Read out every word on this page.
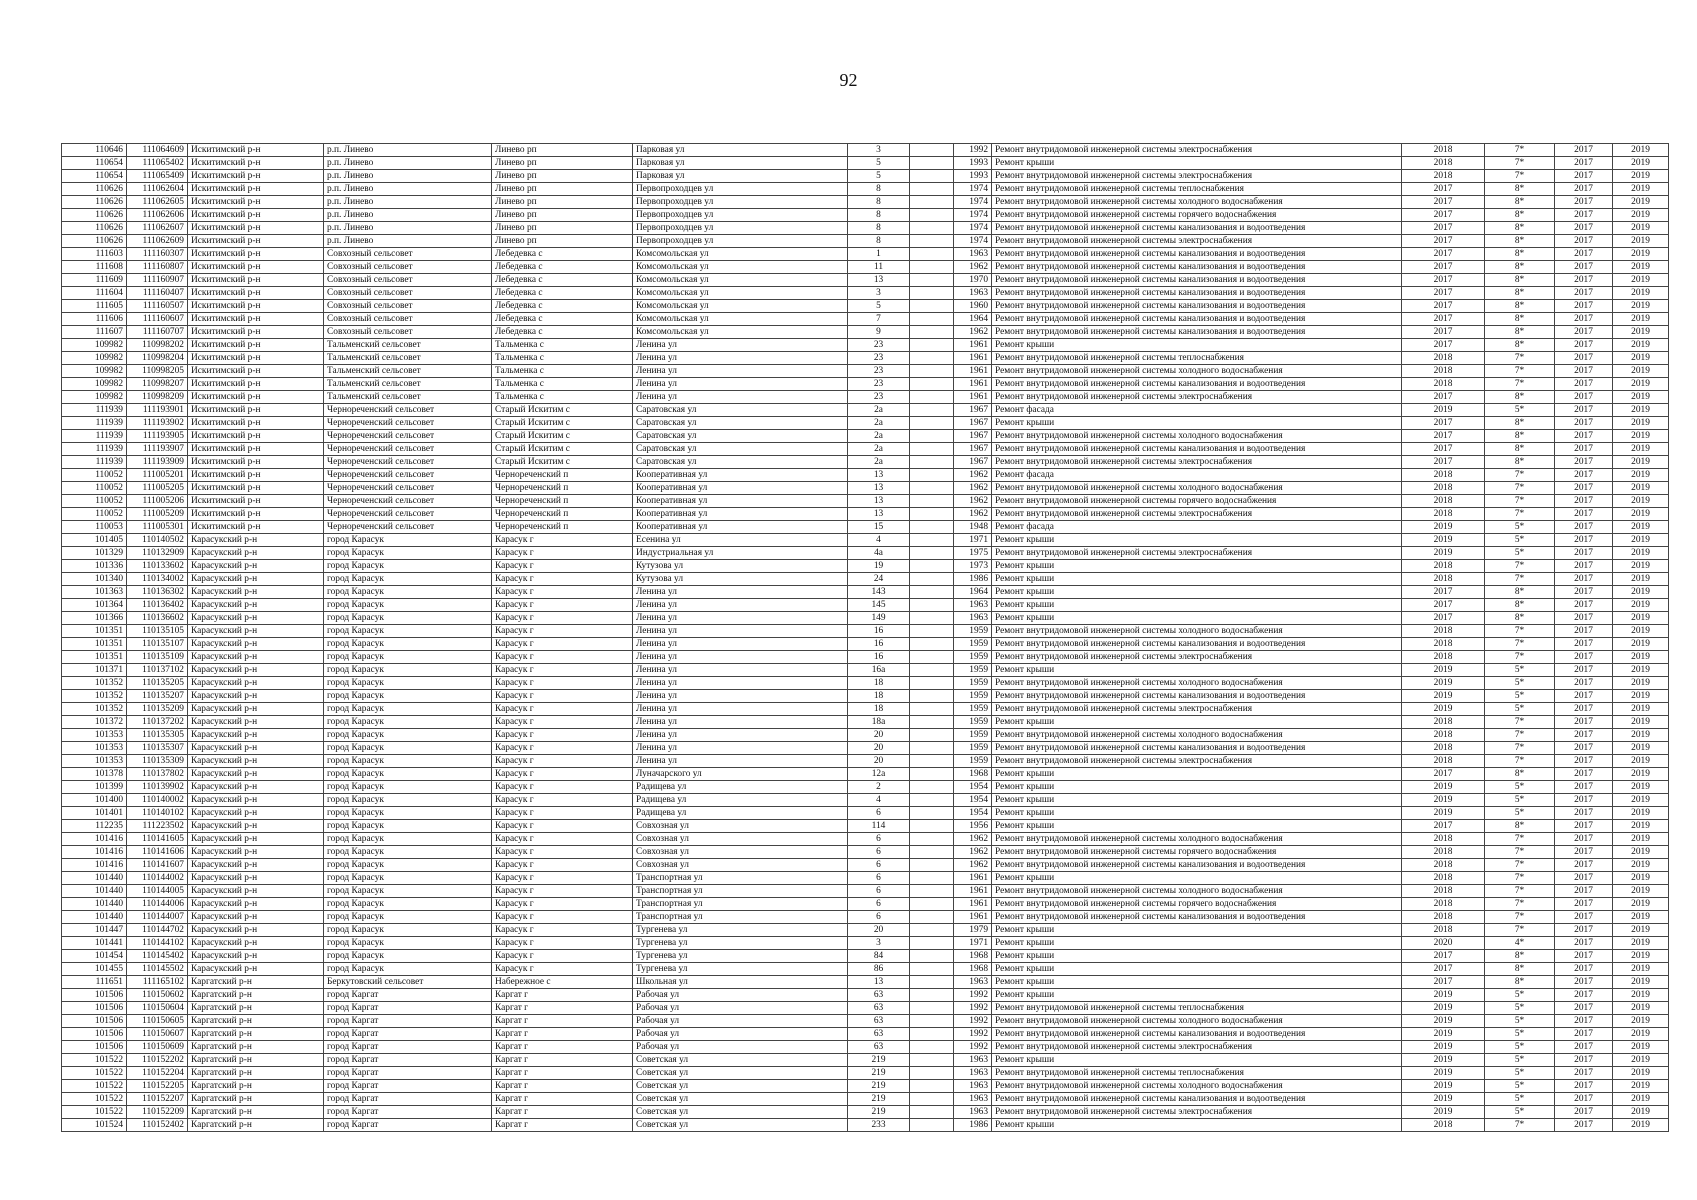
92
110646	111064609	Искитимский р-н	р.п. Линево	Линево рп	Парковая ул	3		1992	Ремонт внутридомовой инженерной системы электроснабжения	2018	7*	2017	2019
110654	111065402	Искитимский р-н	р.п. Линево	Линево рп	Парковая ул	5		1993	Ремонт крыши	2018	7*	2017	2019
110654	111065409	Искитимский р-н	р.п. Линево	Линево рп	Парковая ул	5		1993	Ремонт внутридомовой инженерной системы электроснабжения	2018	7*	2017	2019
110626	111062604	Искитимский р-н	р.п. Линево	Линево рп	Первопроходцев ул	8		1974	Ремонт внутридомовой инженерной системы теплоснабжения	2017	8*	2017	2019
110626	111062605	Искитимский р-н	р.п. Линево	Линево рп	Первопроходцев ул	8		1974	Ремонт внутридомовой инженерной системы холодного водоснабжения	2017	8*	2017	2019
110626	111062606	Искитимский р-н	р.п. Линево	Линево рп	Первопроходцев ул	8		1974	Ремонт внутридомовой инженерной системы горячего водоснабжения	2017	8*	2017	2019
110626	111062607	Искитимский р-н	р.п. Линево	Линево рп	Первопроходцев ул	8		1974	Ремонт внутридомовой инженерной системы канализования и водоотведения	2017	8*	2017	2019
110626	111062609	Искитимский р-н	р.п. Линево	Линево рп	Первопроходцев ул	8		1974	Ремонт внутридомовой инженерной системы электроснабжения	2017	8*	2017	2019
111603	111160307	Искитимский р-н	Совхозный сельсовет	Лебедевка с	Комсомольская ул	1		1963	Ремонт внутридомовой инженерной системы канализования и водоотведения	2017	8*	2017	2019
111608	111160807	Искитимский р-н	Совхозный сельсовет	Лебедевка с	Комсомольская ул	11		1962	Ремонт внутридомовой инженерной системы канализования и водоотведения	2017	8*	2017	2019
111609	111160907	Искитимский р-н	Совхозный сельсовет	Лебедевка с	Комсомольская ул	13		1970	Ремонт внутридомовой инженерной системы канализования и водоотведения	2017	8*	2017	2019
111604	111160407	Искитимский р-н	Совхозный сельсовет	Лебедевка с	Комсомольская ул	3		1963	Ремонт внутридомовой инженерной системы канализования и водоотведения	2017	8*	2017	2019
111605	111160507	Искитимский р-н	Совхозный сельсовет	Лебедевка с	Комсомольская ул	5		1960	Ремонт внутридомовой инженерной системы канализования и водоотведения	2017	8*	2017	2019
111606	111160607	Искитимский р-н	Совхозный сельсовет	Лебедевка с	Комсомольская ул	7		1964	Ремонт внутридомовой инженерной системы канализования и водоотведения	2017	8*	2017	2019
111607	111160707	Искитимский р-н	Совхозный сельсовет	Лебедевка с	Комсомольская ул	9		1962	Ремонт внутридомовой инженерной системы канализования и водоотведения	2017	8*	2017	2019
109982	110998202	Искитимский р-н	Тальменский сельсовет	Тальменка с	Ленина ул	23		1961	Ремонт крыши	2017	8*	2017	2019
109982	110998204	Искитимский р-н	Тальменский сельсовет	Тальменка с	Ленина ул	23		1961	Ремонт внутридомовой инженерной системы теплоснабжения	2018	7*	2017	2019
109982	110998205	Искитимский р-н	Тальменский сельсовет	Тальменка с	Ленина ул	23		1961	Ремонт внутридомовой инженерной системы холодного водоснабжения	2018	7*	2017	2019
109982	110998207	Искитимский р-н	Тальменский сельсовет	Тальменка с	Ленина ул	23		1961	Ремонт внутридомовой инженерной системы канализования и водоотведения	2018	7*	2017	2019
109982	110998209	Искитимский р-н	Тальменский сельсовет	Тальменка с	Ленина ул	23		1961	Ремонт внутридомовой инженерной системы электроснабжения	2017	8*	2017	2019
111939	111193901	Искитимский р-н	Чернореченский сельсовет	Старый Искитим с	Саратовская ул	2а		1967	Ремонт фасада	2019	5*	2017	2019
111939	111193902	Искитимский р-н	Чернореченский сельсовет	Старый Искитим с	Саратовская ул	2а		1967	Ремонт крыши	2017	8*	2017	2019
111939	111193905	Искитимский р-н	Чернореченский сельсовет	Старый Искитим с	Саратовская ул	2а		1967	Ремонт внутридомовой инженерной системы холодного водоснабжения	2017	8*	2017	2019
111939	111193907	Искитимский р-н	Чернореченский сельсовет	Старый Искитим с	Саратовская ул	2а		1967	Ремонт внутридомовой инженерной системы канализования и водоотведения	2017	8*	2017	2019
111939	111193909	Искитимский р-н	Чернореченский сельсовет	Старый Искитим с	Саратовская ул	2а		1967	Ремонт внутридомовой инженерной системы электроснабжения	2017	8*	2017	2019
110052	111005201	Искитимский р-н	Чернореченский сельсовет	Чернореченский п	Кооперативная ул	13		1962	Ремонт фасада	2018	7*	2017	2019
110052	111005205	Искитимский р-н	Чернореченский сельсовет	Чернореченский п	Кооперативная ул	13		1962	Ремонт внутридомовой инженерной системы холодного водоснабжения	2018	7*	2017	2019
110052	111005206	Искитимский р-н	Чернореченский сельсовет	Чернореченский п	Кооперативная ул	13		1962	Ремонт внутридомовой инженерной системы горячего водоснабжения	2018	7*	2017	2019
110052	111005209	Искитимский р-н	Чернореченский сельсовет	Чернореченский п	Кооперативная ул	13		1962	Ремонт внутридомовой инженерной системы электроснабжения	2018	7*	2017	2019
110053	111005301	Искитимский р-н	Чернореченский сельсовет	Чернореченский п	Кооперативная ул	15		1948	Ремонт фасада	2019	5*	2017	2019
101405	110140502	Карасукский р-н	город Карасук	Карасук г	Есенина ул	4		1971	Ремонт крыши	2019	5*	2017	2019
101329	110132909	Карасукский р-н	город Карасук	Карасук г	Индустриальная ул	4а		1975	Ремонт внутридомовой инженерной системы электроснабжения	2019	5*	2017	2019
101336	110133602	Карасукский р-н	город Карасук	Карасук г	Кутузова ул	19		1973	Ремонт крыши	2018	7*	2017	2019
101340	110134002	Карасукский р-н	город Карасук	Карасук г	Кутузова ул	24		1986	Ремонт крыши	2018	7*	2017	2019
101363	110136302	Карасукский р-н	город Карасук	Карасук г	Ленина ул	143		1964	Ремонт крыши	2017	8*	2017	2019
101364	110136402	Карасукский р-н	город Карасук	Карасук г	Ленина ул	145		1963	Ремонт крыши	2017	8*	2017	2019
101366	110136602	Карасукский р-н	город Карасук	Карасук г	Ленина ул	149		1963	Ремонт крыши	2017	8*	2017	2019
101351	110135105	Карасукский р-н	город Карасук	Карасук г	Ленина ул	16		1959	Ремонт внутридомовой инженерной системы холодного водоснабжения	2018	7*	2017	2019
101351	110135107	Карасукский р-н	город Карасук	Карасук г	Ленина ул	16		1959	Ремонт внутридомовой инженерной системы канализования и водоотведения	2018	7*	2017	2019
101351	110135109	Карасукский р-н	город Карасук	Карасук г	Ленина ул	16		1959	Ремонт внутридомовой инженерной системы электроснабжения	2018	7*	2017	2019
101371	110137102	Карасукский р-н	город Карасук	Карасук г	Ленина ул	16а		1959	Ремонт крыши	2019	5*	2017	2019
101352	110135205	Карасукский р-н	город Карасук	Карасук г	Ленина ул	18		1959	Ремонт внутридомовой инженерной системы холодного водоснабжения	2019	5*	2017	2019
101352	110135207	Карасукский р-н	город Карасук	Карасук г	Ленина ул	18		1959	Ремонт внутридомовой инженерной системы канализования и водоотведения	2019	5*	2017	2019
101352	110135209	Карасукский р-н	город Карасук	Карасук г	Ленина ул	18		1959	Ремонт внутридомовой инженерной системы электроснабжения	2019	5*	2017	2019
101372	110137202	Карасукский р-н	город Карасук	Карасук г	Ленина ул	18а		1959	Ремонт крыши	2018	7*	2017	2019
101353	110135305	Карасукский р-н	город Карасук	Карасук г	Ленина ул	20		1959	Ремонт внутридомовой инженерной системы холодного водоснабжения	2018	7*	2017	2019
101353	110135307	Карасукский р-н	город Карасук	Карасук г	Ленина ул	20		1959	Ремонт внутридомовой инженерной системы канализования и водоотведения	2018	7*	2017	2019
101353	110135309	Карасукский р-н	город Карасук	Карасук г	Ленина ул	20		1959	Ремонт внутридомовой инженерной системы электроснабжения	2018	7*	2017	2019
101378	110137802	Карасукский р-н	город Карасук	Карасук г	Луначарского ул	12а		1968	Ремонт крыши	2017	8*	2017	2019
101399	110139902	Карасукский р-н	город Карасук	Карасук г	Радищева ул	2		1954	Ремонт крыши	2019	5*	2017	2019
101400	110140002	Карасукский р-н	город Карасук	Карасук г	Радищева ул	4		1954	Ремонт крыши	2019	5*	2017	2019
101401	110140102	Карасукский р-н	город Карасук	Карасук г	Радищева ул	6		1954	Ремонт крыши	2019	5*	2017	2019
112235	111223502	Карасукский р-н	город Карасук	Карасук г	Совхозная ул	114		1956	Ремонт крыши	2017	8*	2017	2019
101416	110141605	Карасукский р-н	город Карасук	Карасук г	Совхозная ул	6		1962	Ремонт внутридомовой инженерной системы холодного водоснабжения	2018	7*	2017	2019
101416	110141606	Карасукский р-н	город Карасук	Карасук г	Совхозная ул	6		1962	Ремонт внутридомовой инженерной системы горячего водоснабжения	2018	7*	2017	2019
101416	110141607	Карасукский р-н	город Карасук	Карасук г	Совхозная ул	6		1962	Ремонт внутридомовой инженерной системы канализования и водоотведения	2018	7*	2017	2019
101440	110144002	Карасукский р-н	город Карасук	Карасук г	Транспортная ул	6		1961	Ремонт крыши	2018	7*	2017	2019
101440	110144005	Карасукский р-н	город Карасук	Карасук г	Транспортная ул	6		1961	Ремонт внутридомовой инженерной системы холодного водоснабжения	2018	7*	2017	2019
101440	110144006	Карасукский р-н	город Карасук	Карасук г	Транспортная ул	6		1961	Ремонт внутридомовой инженерной системы горячего водоснабжения	2018	7*	2017	2019
101440	110144007	Карасукский р-н	город Карасук	Карасук г	Транспортная ул	6		1961	Ремонт внутридомовой инженерной системы канализования и водоотведения	2018	7*	2017	2019
101447	110144702	Карасукский р-н	город Карасук	Карасук г	Тургенева ул	20		1979	Ремонт крыши	2018	7*	2017	2019
101441	110144102	Карасукский р-н	город Карасук	Карасук г	Тургенева ул	3		1971	Ремонт крыши	2020	4*	2017	2019
101454	110145402	Карасукский р-н	город Карасук	Карасук г	Тургенева ул	84		1968	Ремонт крыши	2017	8*	2017	2019
101455	110145502	Карасукский р-н	город Карасук	Карасук г	Тургенева ул	86		1968	Ремонт крыши	2017	8*	2017	2019
111651	111165102	Каргатский р-н	Беркутовский сельсовет	Набережное с	Школьная ул	13		1963	Ремонт крыши	2017	8*	2017	2019
101506	110150602	Каргатский р-н	город Каргат	Каргат г	Рабочая ул	63		1992	Ремонт крыши	2019	5*	2017	2019
101506	110150604	Каргатский р-н	город Каргат	Каргат г	Рабочая ул	63		1992	Ремонт внутридомовой инженерной системы теплоснабжения	2019	5*	2017	2019
101506	110150605	Каргатский р-н	город Каргат	Каргат г	Рабочая ул	63		1992	Ремонт внутридомовой инженерной системы холодного водоснабжения	2019	5*	2017	2019
101506	110150607	Каргатский р-н	город Каргат	Каргат г	Рабочая ул	63		1992	Ремонт внутридомовой инженерной системы канализования и водоотведения	2019	5*	2017	2019
101506	110150609	Каргатский р-н	город Каргат	Каргат г	Рабочая ул	63		1992	Ремонт внутридомовой инженерной системы электроснабжения	2019	5*	2017	2019
101522	110152202	Каргатский р-н	город Каргат	Каргат г	Советская ул	219		1963	Ремонт крыши	2019	5*	2017	2019
101522	110152204	Каргатский р-н	город Каргат	Каргат г	Советская ул	219		1963	Ремонт внутридомовой инженерной системы теплоснабжения	2019	5*	2017	2019
101522	110152205	Каргатский р-н	город Каргат	Каргат г	Советская ул	219		1963	Ремонт внутридомовой инженерной системы холодного водоснабжения	2019	5*	2017	2019
101522	110152207	Каргатский р-н	город Каргат	Каргат г	Советская ул	219		1963	Ремонт внутридомовой инженерной системы канализования и водоотведения	2019	5*	2017	2019
101522	110152209	Каргатский р-н	город Каргат	Каргат г	Советская ул	219		1963	Ремонт внутридомовой инженерной системы электроснабжения	2019	5*	2017	2019
101524	110152402	Каргатский р-н	город Каргат	Каргат г	Советская ул	233		1986	Ремонт крыши	2018	7*	2017	2019
